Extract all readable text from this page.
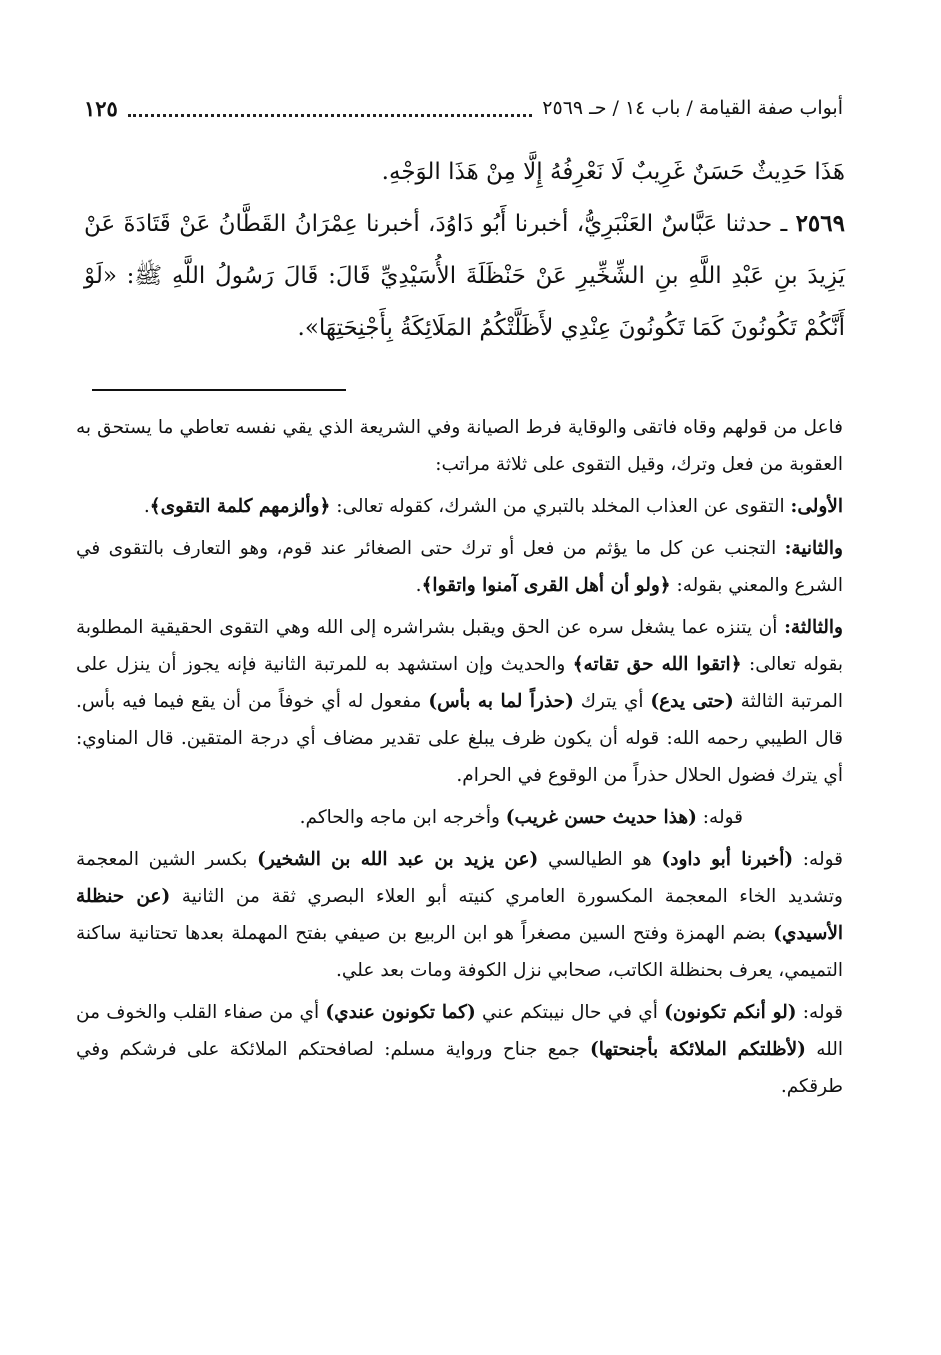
أبواب صفة القيامة / باب ١٤ / حـ ٢٥٦٩
١٢٥

هَذَا حَدِيثٌ حَسَنٌ غَرِيبٌ لَا نَعْرِفُهُ إِلَّا مِنْ هَذَا الوَجْهِ.

٢٥٦٩ ـ حدثنا عَبَّاسٌ العَنْبَرِيُّ، أخبرنا أَبُو دَاوُدَ، أخبرنا عِمْرَانُ القَطَّانُ عَنْ قَتَادَةَ عَنْ يَزِيدَ بنِ عَبْدِ اللَّهِ بنِ الشِّخِّيرِ عَنْ حَنْظَلَةَ الأُسَيْدِيِّ قَالَ: قَالَ رَسُولُ اللَّهِ ﷺ: «لَوْ أَنَّكُمْ تَكُونُونَ كَمَا تَكُونُونَ عِنْدِي لأَظَلَّتْكُمُ المَلَائِكَةُ بِأَجْنِحَتِهَا».

فاعل من قولهم وقاه فاتقى والوقاية فرط الصيانة وفي الشريعة الذي يقي نفسه تعاطي ما يستحق به العقوبة من فعل وترك، وقيل التقوى على ثلاثة مراتب:

الأولى: التقوى عن العذاب المخلد بالتبري من الشرك، كقوله تعالى: ﴿وألزمهم كلمة التقوى﴾.

والثانية: التجنب عن كل ما يؤثم من فعل أو ترك حتى الصغائر عند قوم، وهو التعارف بالتقوى في الشرع والمعني بقوله: ﴿ولو أن أهل القرى آمنوا واتقوا﴾.

والثالثة: أن يتنزه عما يشغل سره عن الحق ويقبل بشراشره إلى الله وهي التقوى الحقيقية المطلوبة بقوله تعالى: ﴿اتقوا الله حق تقاته﴾ والحديث وإن استشهد به للمرتبة الثانية فإنه يجوز أن ينزل على المرتبة الثالثة (حتى يدع) أي يترك (حذراً لما به بأس) مفعول له أي خوفاً من أن يقع فيما فيه بأس. قال الطيبي رحمه الله: قوله أن يكون ظرف يبلغ على تقدير مضاف أي درجة المتقين. قال المناوي: أي يترك فضول الحلال حذراً من الوقوع في الحرام.

قوله: (هذا حديث حسن غريب) وأخرجه ابن ماجه والحاكم.

قوله: (أخبرنا أبو داود) هو الطيالسي (عن يزيد بن عبد الله بن الشخير) بكسر الشين المعجمة وتشديد الخاء المعجمة المكسورة العامري كنيته أبو العلاء البصري ثقة من الثانية (عن حنظلة الأسيدي) بضم الهمزة وفتح السين مصغراً هو ابن الربيع بن صيفي بفتح المهملة بعدها تحتانية ساكنة التميمي، يعرف بحنظلة الكاتب، صحابي نزل الكوفة ومات بعد علي.

قوله: (لو أنكم تكونون) أي في حال نيبتكم عني (كما تكونون عندي) أي من صفاء القلب والخوف من الله (لأظلتكم الملائكة بأجنحتها) جمع جناح ورواية مسلم: لصافحتكم الملائكة على فرشكم وفي طرقكم.
